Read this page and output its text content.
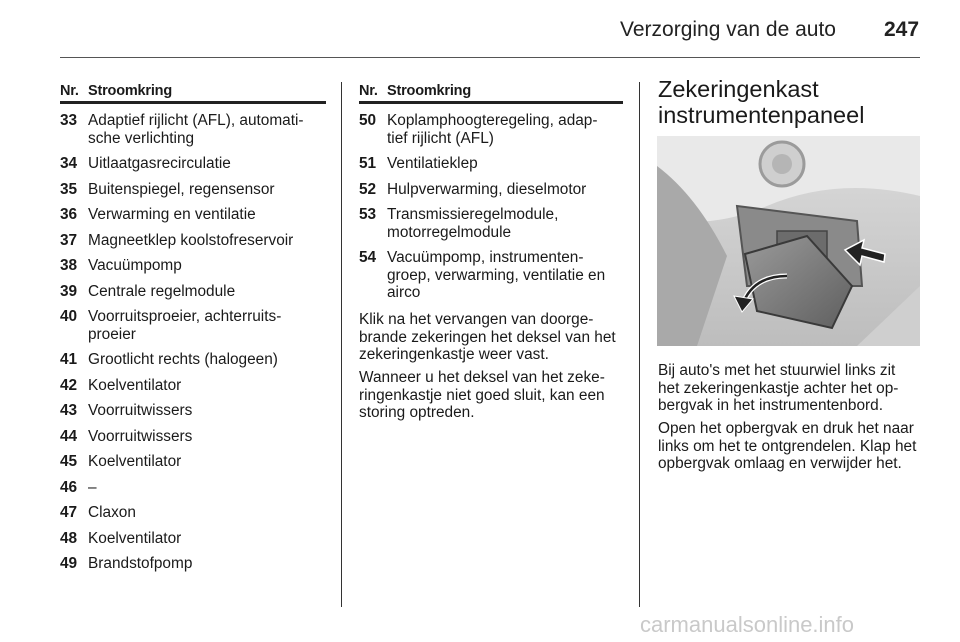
Verzorging van de auto 247
Nr. Stroomkring
33 Adaptief rijlicht (AFL), automati-
sche verlichting
34 Uitlaatgasrecirculatie
35 Buitenspiegel, regensensor
36 Verwarming en ventilatie
37 Magneetklep koolstofreservoir
38 Vacuümpomp
39 Centrale regelmodule
40 Voorruitsproeier, achterruits-
proeier
41 Grootlicht rechts (halogeen)
42 Koelventilator
43 Voorruitwissers
44 Voorruitwissers
45 Koelventilator
46 –
47 Claxon
48 Koelventilator
49 Brandstofpomp
Nr. Stroomkring
50 Koplamphoogteregeling, adap-
tief rijlicht (AFL)
51 Ventilatieklep
52 Hulpverwarming, dieselmotor
53 Transmissieregelmodule,
motorregelmodule
54 Vacuümpomp, instrumenten-
groep, verwarming, ventilatie en
airco

Klik na het vervangen van doorge-
brande zekeringen het deksel van het
zekeringenkastje weer vast.

Wanneer u het deksel van het zeke-
ringenkastje niet goed sluit, kan een
storing optreden.

Zekeringenkast
instrumentenpaneel

Bij auto's met het stuurwiel links zit
het zekeringenkastje achter het op-
bergvak in het instrumentenbord.

Open het opbergvak en druk het naar
links om het te ontgrendelen. Klap het
opbergvak omlaag en verwijder het.

carmanualsonline.info
